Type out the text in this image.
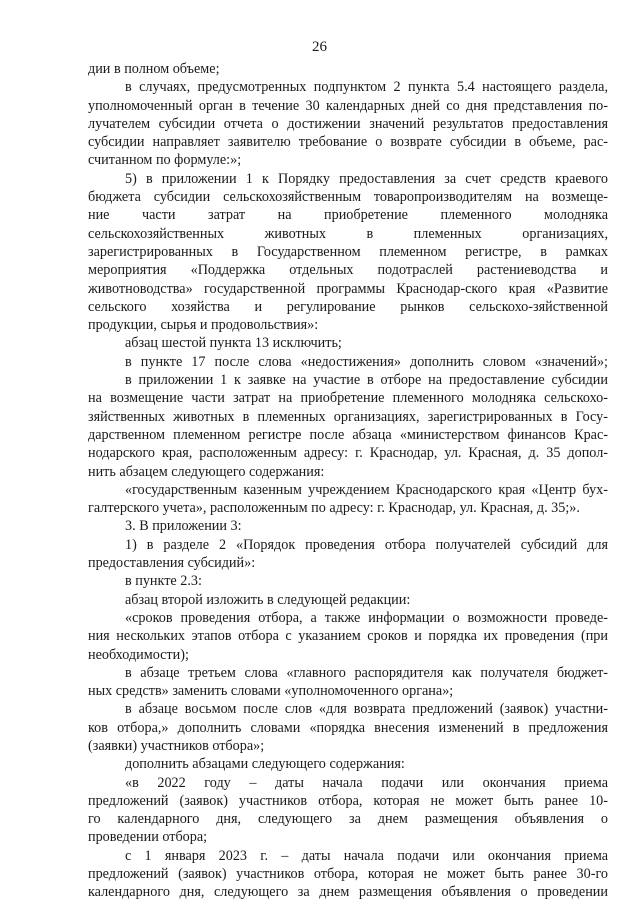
26
дии в полном объеме;
в случаях, предусмотренных подпунктом 2 пункта 5.4 настоящего раздела,
уполномоченный орган в течение 30 календарных дней со дня представления по-
лучателем субсидии отчета о достижении значений результатов предоставления
субсидии направляет заявителю требование о возврате субсидии в объеме, рас-
считанном по формуле:»;
5) в приложении 1 к Порядку предоставления за счет средств краевого
бюджета субсидии сельскохозяйственным товаропроизводителям на возмеще-
ние части затрат на приобретение племенного молодняка
сельскохозяйственных животных в племенных организациях,
зарегистрированных в Государственном племенном регистре, в рамках
мероприятия «Поддержка отдельных подотраслей растениеводства и
животноводства» государственной программы Краснодар-ского края «Развитие
сельского хозяйства и регулирование рынков сельскохо-зяйственной
продукции, сырья и продовольствия»:
абзац шестой пункта 13 исключить;
в пункте 17 после слова «недостижения» дополнить словом «значений»;
в приложении 1 к заявке на участие в отборе на предоставление субсидии
на возмещение части затрат на приобретение племенного молодняка сельскохо-
зяйственных животных в племенных организациях, зарегистрированных в Госу-
дарственном племенном регистре после абзаца «министерством финансов Крас-
нодарского края, расположенным адресу: г. Краснодар, ул. Красная, д. 35 допол-
нить абзацем следующего содержания:
«государственным казенным учреждением Краснодарского края «Центр бух-
галтерского учета», расположенным по адресу: г. Краснодар, ул. Красная, д. 35;».
3. В приложении 3:
1) в разделе 2 «Порядок проведения отбора получателей субсидий для
предоставления субсидий»:
в пункте 2.3:
абзац второй изложить в следующей редакции:
«сроков проведения отбора, а также информации о возможности проведе-
ния нескольких этапов отбора с указанием сроков и порядка их проведения (при
необходимости);
в абзаце третьем слова «главного распорядителя как получателя бюджет-
ных средств» заменить словами «уполномоченного органа»;
в абзаце восьмом после слов «для возврата предложений (заявок) участни-
ков отбора,» дополнить словами «порядка внесения изменений в предложения
(заявки) участников отбора»;
дополнить абзацами следующего содержания:
«в 2022 году – даты начала подачи или окончания приема
предложений (заявок) участников отбора, которая не может быть ранее 10-
го календарного дня, следующего за днем размещения объявления о
проведении отбора;
с 1 января 2023 г. – даты начала подачи или окончания приема
предложений (заявок) участников отбора, которая не может быть ранее 30-го
календарного дня, следующего за днем размещения объявления о проведении
